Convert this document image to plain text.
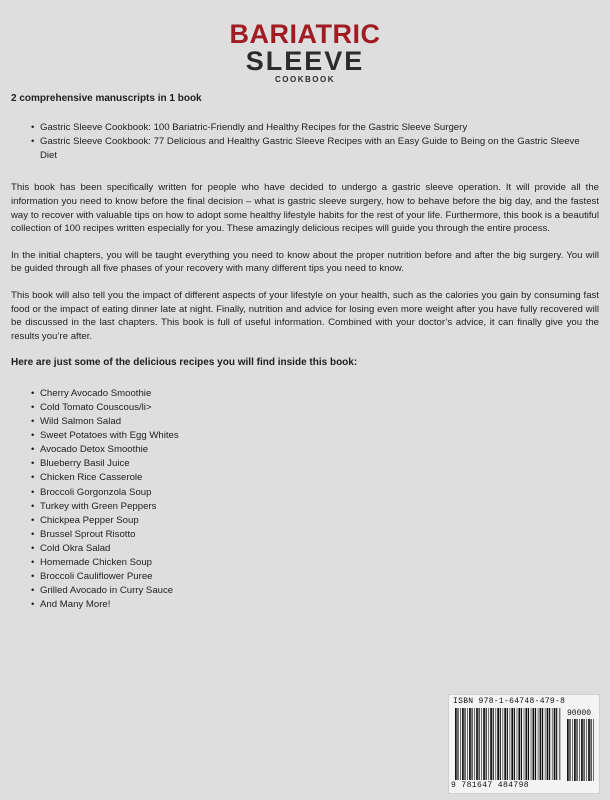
BARIATRIC
SLEEVE
COOKBOOK
2 comprehensive manuscripts in 1 book
• Gastric Sleeve Cookbook: 100 Bariatric-Friendly and Healthy Recipes for the Gastric Sleeve Surgery
• Gastric Sleeve Cookbook: 77 Delicious and Healthy Gastric Sleeve Recipes with an Easy Guide to Being on the Gastric Sleeve Diet

This book has been specifically written for people who have decided to undergo a gastric sleeve operation. It will provide all the information you need to know before the final decision – what is gastric sleeve surgery, how to behave before the big day, and the fastest way to recover with valuable tips on how to adopt some healthy lifestyle habits for the rest of your life. Furthermore, this book is a beautiful collection of 100 recipes written especially for you. These amazingly delicious recipes will guide you through the entire process.

In the initial chapters, you will be taught everything you need to know about the proper nutrition before and after the big surgery. You will be guided through all five phases of your recovery with many different tips you need to know.

This book will also tell you the impact of different aspects of your lifestyle on your health, such as the calories you gain by consuming fast food or the impact of eating dinner late at night. Finally, nutrition and advice for losing even more weight after you have fully recovered will be discussed in the last chapters. This book is full of useful information. Combined with your doctor’s advice, it can finally give you the results you’re after.

Here are just some of the delicious recipes you will find inside this book:
• Cherry Avocado Smoothie
• Cold Tomato Couscous/li>
• Wild Salmon Salad
• Sweet Potatoes with Egg Whites
• Avocado Detox Smoothie
• Blueberry Basil Juice
• Chicken Rice Casserole
• Broccoli Gorgonzola Soup
• Turkey with Green Peppers
• Chickpea Pepper Soup
• Brussel Sprout Risotto
• Cold Okra Salad
• Homemade Chicken Soup
• Broccoli Cauliflower Puree
• Grilled Avocado in Curry Sauce
• And Many More!
ISBN 978-1-64748-479-8
90000
9 781647 484798
